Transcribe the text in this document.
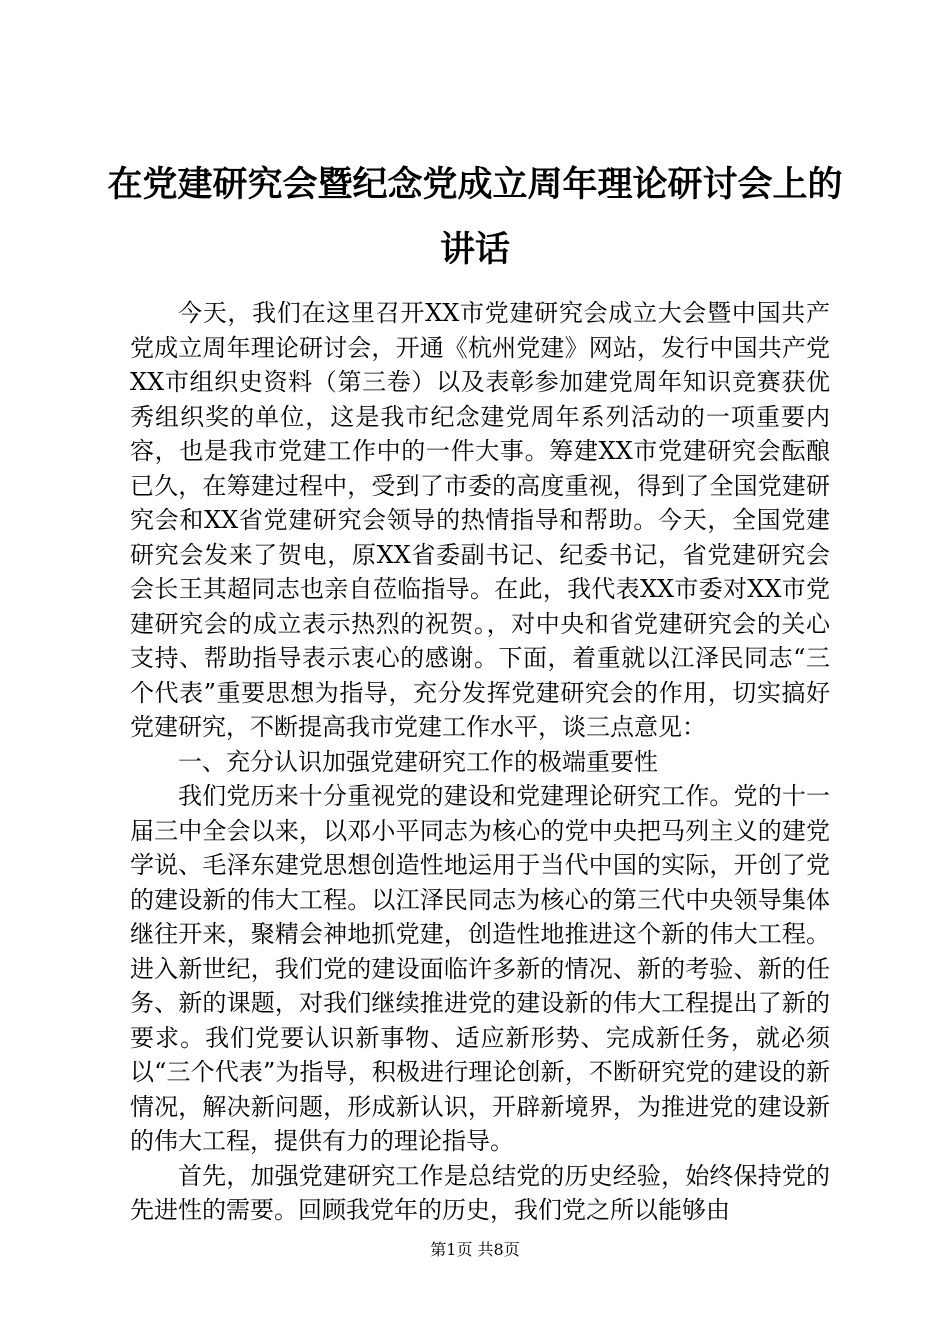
在党建研究会暨纪念党成立周年理论研讨会上的讲话

今天，我们在这里召开XX市党建研究会成立大会暨中国共产党成立周年理论研讨会，开通《杭州党建》网站，发行中国共产党XX市组织史资料（第三卷）以及表彰参加建党周年知识竞赛获优秀组织奖的单位，这是我市纪念建党周年系列活动的一项重要内容，也是我市党建工作中的一件大事。筹建XX市党建研究会酝酿已久，在筹建过程中，受到了市委的高度重视，得到了全国党建研究会和XX省党建研究会领导的热情指导和帮助。今天，全国党建研究会发来了贺电，原XX省委副书记、纪委书记，省党建研究会会长王其超同志也亲自莅临指导。在此，我代表XX市委对XX市党建研究会的成立表示热烈的祝贺。，对中央和省党建研究会的关心支持、帮助指导表示衷心的感谢。下面，着重就以江泽民同志“三个代表”重要思想为指导，充分发挥党建研究会的作用，切实搞好党建研究，不断提高我市党建工作水平，谈三点意见：

一、充分认识加强党建研究工作的极端重要性

我们党历来十分重视党的建设和党建理论研究工作。党的十一届三中全会以来，以邓小平同志为核心的党中央把马列主义的建党学说、毛泽东建党思想创造性地运用于当代中国的实际，开创了党的建设新的伟大工程。以江泽民同志为核心的第三代中央领导集体继往开来，聚精会神地抓党建，创造性地推进这个新的伟大工程。进入新世纪，我们党的建设面临许多新的情况、新的考验、新的任务、新的课题，对我们继续推进党的建设新的伟大工程提出了新的要求。我们党要认识新事物、适应新形势、完成新任务，就必须以“三个代表”为指导，积极进行理论创新，不断研究党的建设的新情况，解决新问题，形成新认识，开辟新境界，为推进党的建设新的伟大工程，提供有力的理论指导。

首先，加强党建研究工作是总结党的历史经验，始终保持党的先进性的需要。回顾我党年的历史，我们党之所以能够由

第1页 共8页
